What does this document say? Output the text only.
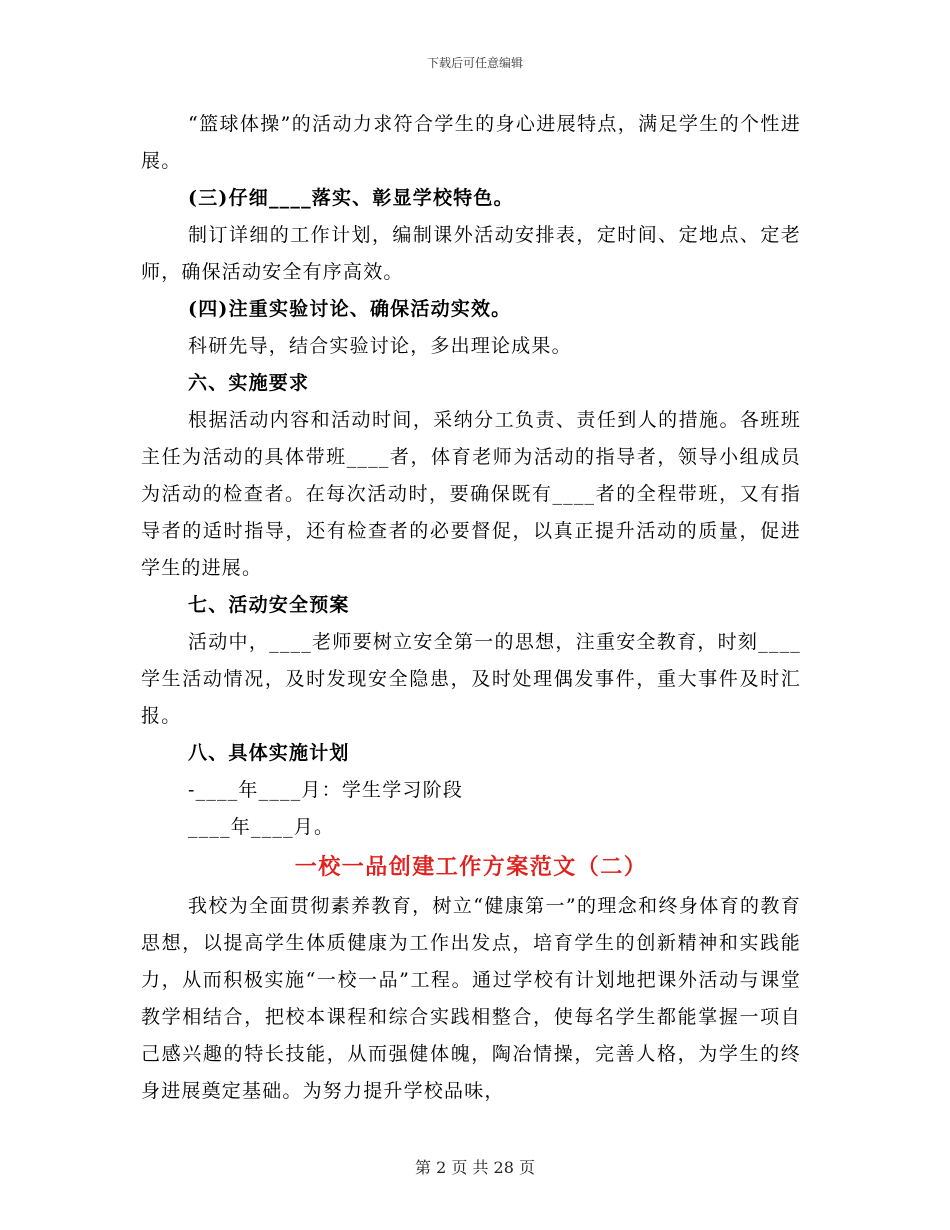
下载后可任意编辑

“篮球体操”的活动力求符合学生的身心进展特点，满足学生的个性进展。

(三)仔细____落实、彰显学校特色。

制订详细的工作计划，编制课外活动安排表，定时间、定地点、定老师，确保活动安全有序高效。

(四)注重实验讨论、确保活动实效。

科研先导，结合实验讨论，多出理论成果。

六、实施要求

根据活动内容和活动时间，采纳分工负责、责任到人的措施。各班班主任为活动的具体带班____者，体育老师为活动的指导者，领导小组成员为活动的检查者。在每次活动时，要确保既有____者的全程带班，又有指导者的适时指导，还有检查者的必要督促，以真正提升活动的质量，促进学生的进展。

七、活动安全预案

活动中，____老师要树立安全第一的思想，注重安全教育，时刻____学生活动情况，及时发现安全隐患，及时处理偶发事件，重大事件及时汇报。

八、具体实施计划

-____年____月：学生学习阶段

____年____月。

一校一品创建工作方案范文（二）

我校为全面贯彻素养教育，树立“健康第一”的理念和终身体育的教育思想，以提高学生体质健康为工作出发点，培育学生的创新精神和实践能力，从而积极实施“一校一品”工程。通过学校有计划地把课外活动与课堂教学相结合，把校本课程和综合实践相整合，使每名学生都能掌握一项自己感兴趣的特长技能，从而强健体魄，陶冶情操，完善人格，为学生的终身进展奠定基础。为努力提升学校品味，

第 2 页 共 28 页
